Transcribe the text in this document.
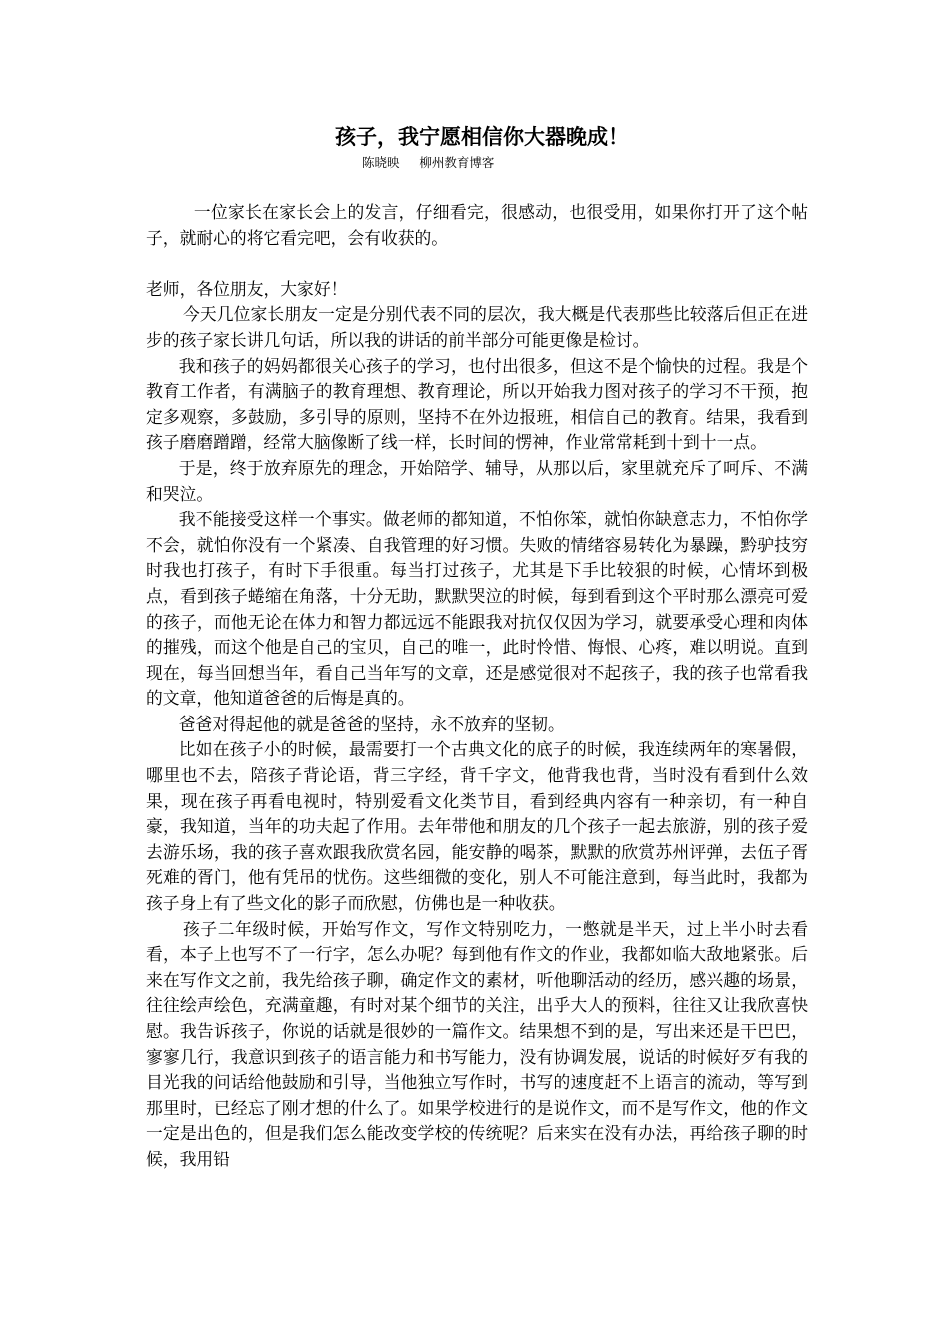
孩子，我宁愿相信你大器晚成！
陈晓映 柳州教育博客

一位家长在家长会上的发言，仔细看完，很感动，也很受用，如果你打开了这个帖子，就耐心的将它看完吧，会有收获的。

老师，各位朋友，大家好！

今天几位家长朋友一定是分别代表不同的层次，我大概是代表那些比较落后但正在进步的孩子家长讲几句话，所以我的讲话的前半部分可能更像是检讨。

我和孩子的妈妈都很关心孩子的学习，也付出很多，但这不是个愉快的过程。我是个教育工作者，有满脑子的教育理想、教育理论，所以开始我力图对孩子的学习不干预，抱定多观察，多鼓励，多引导的原则，坚持不在外边报班，相信自己的教育。结果，我看到孩子磨磨蹭蹭，经常大脑像断了线一样，长时间的愣神，作业常常耗到十到十一点。

于是，终于放弃原先的理念，开始陪学、辅导，从那以后，家里就充斥了呵斥、不满和哭泣。

我不能接受这样一个事实。做老师的都知道，不怕你笨，就怕你缺意志力，不怕你学不会，就怕你没有一个紧凑、自我管理的好习惯。失败的情绪容易转化为暴躁，黔驴技穷时我也打孩子，有时下手很重。每当打过孩子，尤其是下手比较狠的时候，心情坏到极点，看到孩子蜷缩在角落，十分无助，默默哭泣的时候，每到看到这个平时那么漂亮可爱的孩子，而他无论在体力和智力都远远不能跟我对抗仅仅因为学习，就要承受心理和肉体的摧残，而这个他是自己的宝贝，自己的唯一，此时怜惜、悔恨、心疼，难以明说。直到现在，每当回想当年，看自己当年写的文章，还是感觉很对不起孩子，我的孩子也常看我的文章，他知道爸爸的后悔是真的。

爸爸对得起他的就是爸爸的坚持，永不放弃的坚韧。

比如在孩子小的时候，最需要打一个古典文化的底子的时候，我连续两年的寒暑假，哪里也不去，陪孩子背论语，背三字经，背千字文，他背我也背，当时没有看到什么效果，现在孩子再看电视时，特别爱看文化类节目，看到经典内容有一种亲切，有一种自豪，我知道，当年的功夫起了作用。去年带他和朋友的几个孩子一起去旅游，别的孩子爱去游乐场，我的孩子喜欢跟我欣赏名园，能安静的喝茶，默默的欣赏苏州评弹，去伍子胥死难的胥门，他有凭吊的忧伤。这些细微的变化，别人不可能注意到，每当此时，我都为孩子身上有了些文化的影子而欣慰，仿佛也是一种收获。

孩子二年级时候，开始写作文，写作文特别吃力，一憋就是半天，过上半小时去看看，本子上也写不了一行字，怎么办呢？每到他有作文的作业，我都如临大敌地紧张。后来在写作文之前，我先给孩子聊，确定作文的素材，听他聊活动的经历，感兴趣的场景，往往绘声绘色，充满童趣，有时对某个细节的关注，出乎大人的预料，往往又让我欣喜快慰。我告诉孩子，你说的话就是很妙的一篇作文。结果想不到的是，写出来还是干巴巴，寥寥几行，我意识到孩子的语言能力和书写能力，没有协调发展，说话的时候好歹有我的目光我的问话给他鼓励和引导，当他独立写作时，书写的速度赶不上语言的流动，等写到那里时，已经忘了刚才想的什么了。如果学校进行的是说作文，而不是写作文，他的作文一定是出色的，但是我们怎么能改变学校的传统呢？后来实在没有办法，再给孩子聊的时候，我用铅
